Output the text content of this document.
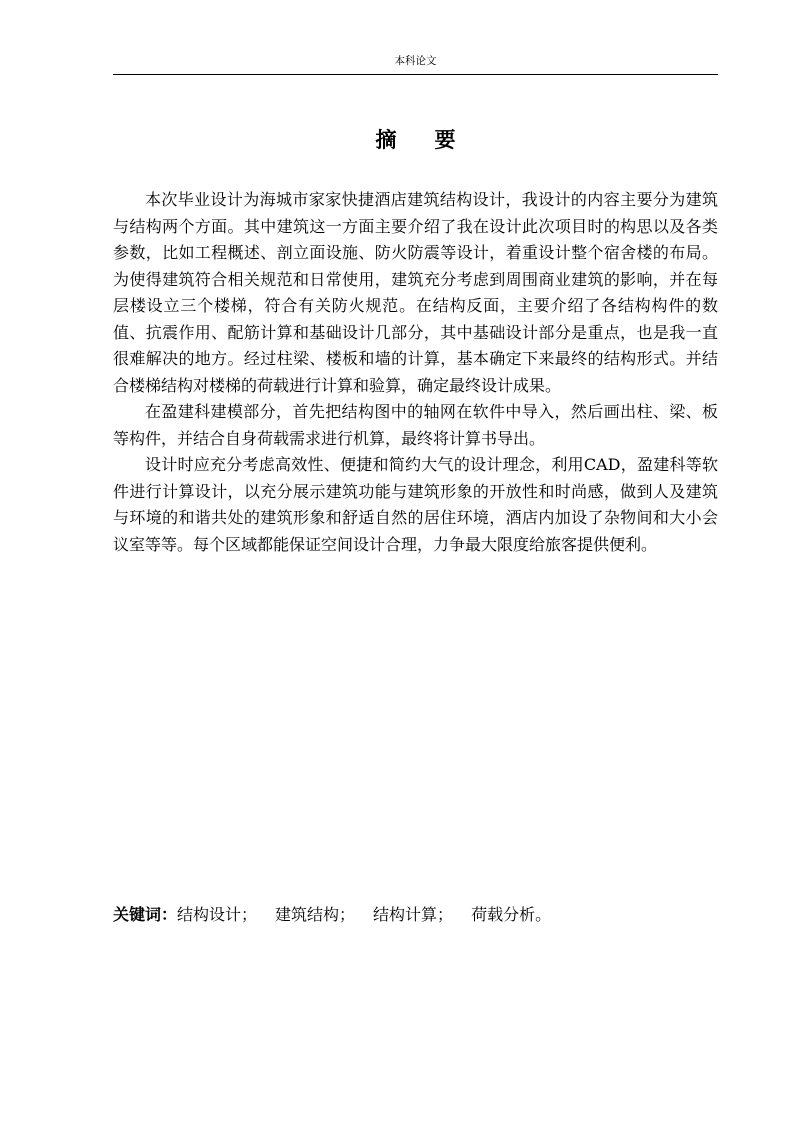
本科论文
摘要

本次毕业设计为海城市家家快捷酒店建筑结构设计，我设计的内容主要分为建筑与结构两个方面。其中建筑这一方面主要介绍了我在设计此次项目时的构思以及各类参数，比如工程概述、剖立面设施、防火防震等设计，着重设计整个宿舍楼的布局。为使得建筑符合相关规范和日常使用，建筑充分考虑到周围商业建筑的影响，并在每层楼设立三个楼梯，符合有关防火规范。在结构反面，主要介绍了各结构构件的数值、抗震作用、配筋计算和基础设计几部分，其中基础设计部分是重点，也是我一直很难解决的地方。经过柱梁、楼板和墙的计算，基本确定下来最终的结构形式。并结合楼梯结构对楼梯的荷载进行计算和验算，确定最终设计成果。

在盈建科建模部分，首先把结构图中的轴网在软件中导入，然后画出柱、梁、板等构件，并结合自身荷载需求进行机算，最终将计算书导出。

设计时应充分考虑高效性、便捷和简约大气的设计理念，利用CAD，盈建科等软件进行计算设计，以充分展示建筑功能与建筑形象的开放性和时尚感，做到人及建筑与环境的和谐共处的建筑形象和舒适自然的居住环境，酒店内加设了杂物间和大小会议室等等。每个区域都能保证空间设计合理，力争最大限度给旅客提供便利。

关键词：结构设计； 建筑结构； 结构计算； 荷载分析。
